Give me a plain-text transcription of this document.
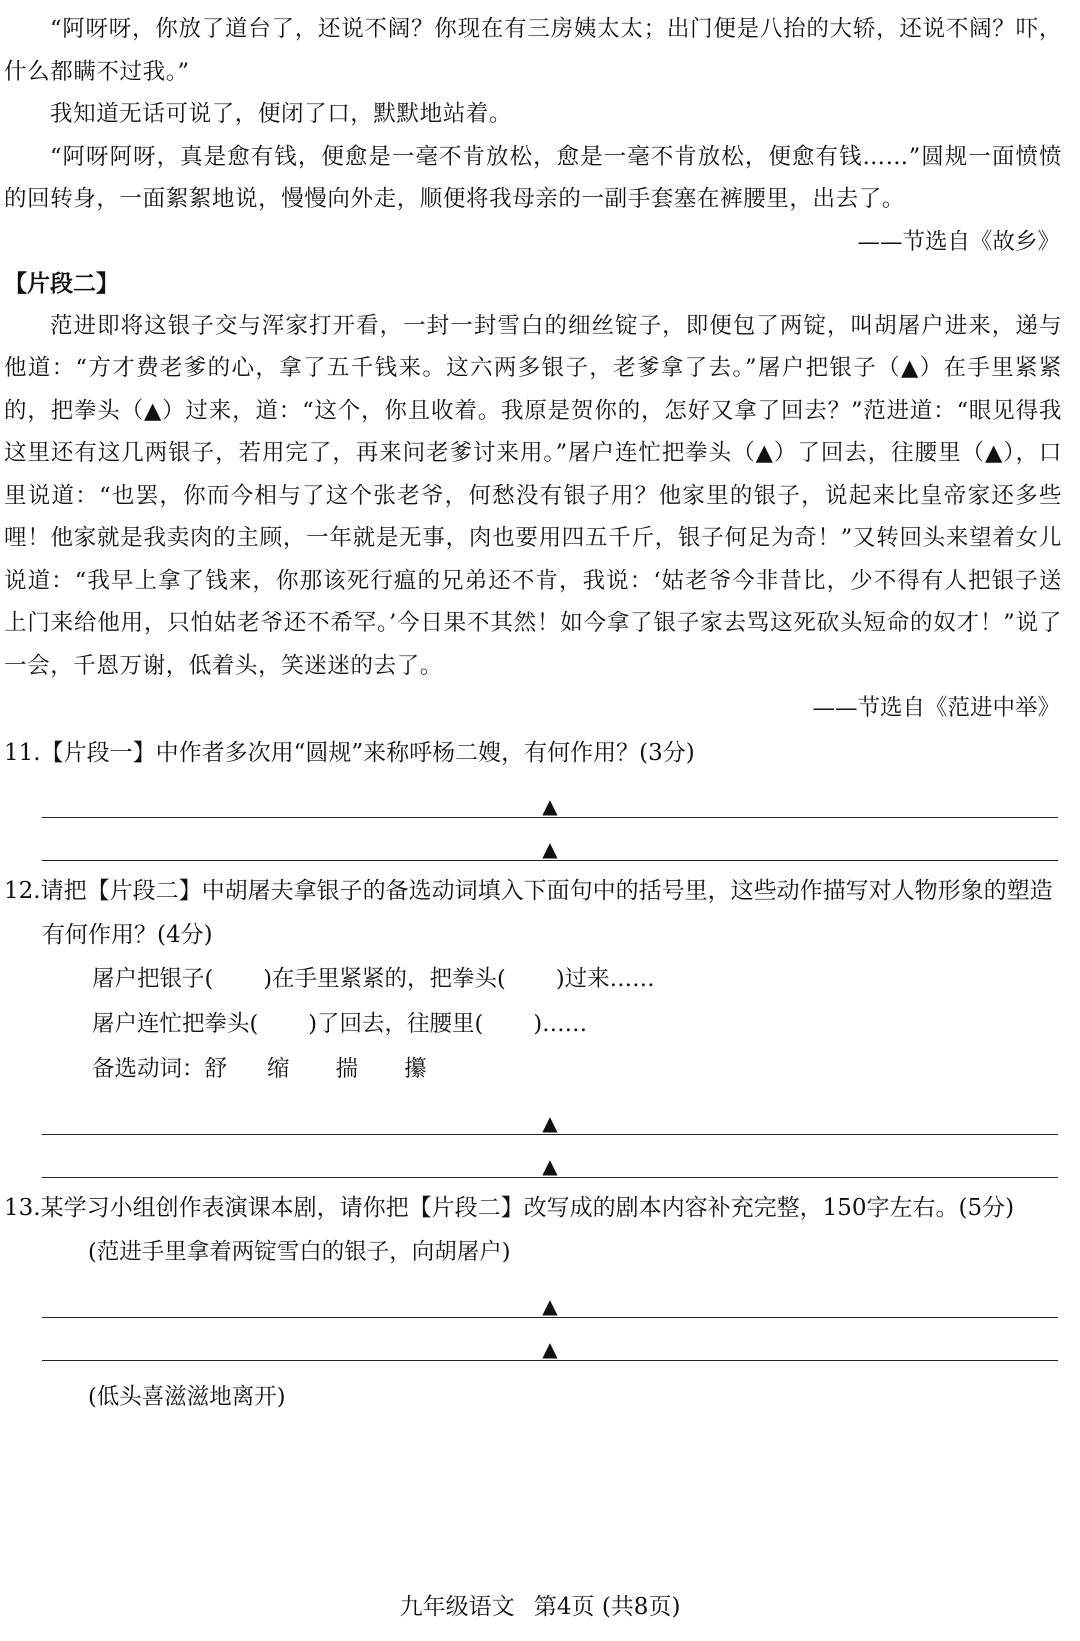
“阿呀呀，你放了道台了，还说不阔？你现在有三房姨太太；出门便是八抬的大轿，还说不阔？吓，什么都瞒不过我。”

我知道无话可说了，便闭了口，默默地站着。

“阿呀阿呀，真是愈有钱，便愈是一毫不肯放松，愈是一毫不肯放松，便愈有钱……”圆规一面愤愤的回转身，一面絮絮地说，慢慢向外走，顺便将我母亲的一副手套塞在裤腰里，出去了。

——节选自《故乡》

【片段二】

范进即将这银子交与浑家打开看，一封一封雪白的细丝锭子，即便包了两锭，叫胡屠户进来，递与他道：“方才费老爹的心，拿了五千钱来。这六两多银子，老爹拿了去。”屠户把银子（▲）在手里紧紧的，把拳头（▲）过来，道：“这个，你且收着。我原是贺你的，怎好又拿了回去？”范进道：“眼见得我这里还有这几两银子，若用完了，再来问老爹讨来用。”屠户连忙把拳头（▲）了回去，往腰里（▲），口里说道：“也罢，你而今相与了这个张老爷，何愁没有银子用？他家里的银子，说起来比皇帝家还多些哩！他家就是我卖肉的主顾，一年就是无事，肉也要用四五千斤，银子何足为奇！”又转回头来望着女儿说道：“我早上拿了钱来，你那该死行瘟的兄弟还不肯，我说：‘姑老爷今非昔比，少不得有人把银子送上门来给他用，只怕姑老爷还不希罕。’今日果不其然！如今拿了银子家去骂这死砍头短命的奴才！”说了一会，千恩万谢，低着头，笑迷迷的去了。

——节选自《范进中举》

11.【片段一】中作者多次用“圆规”来称呼杨二嫂，有何作用？(3分)

▲
▲

12.请把【片段二】中胡屠夫拿银子的备选动词填入下面句中的括号里，这些动作描写对人物形象的塑造有何作用？(4分)

屠户把银子( )在手里紧紧的，把拳头( )过来……

屠户连忙把拳头( )了回去，往腰里( )……

备选动词：舒 缩 揣 攥

▲
▲

13.某学习小组创作表演课本剧，请你把【片段二】改写成的剧本内容补充完整，150字左右。(5分)

(范进手里拿着两锭雪白的银子，向胡屠户)

▲
▲

(低头喜滋滋地离开)

九年级语文 第4页 (共8页)
